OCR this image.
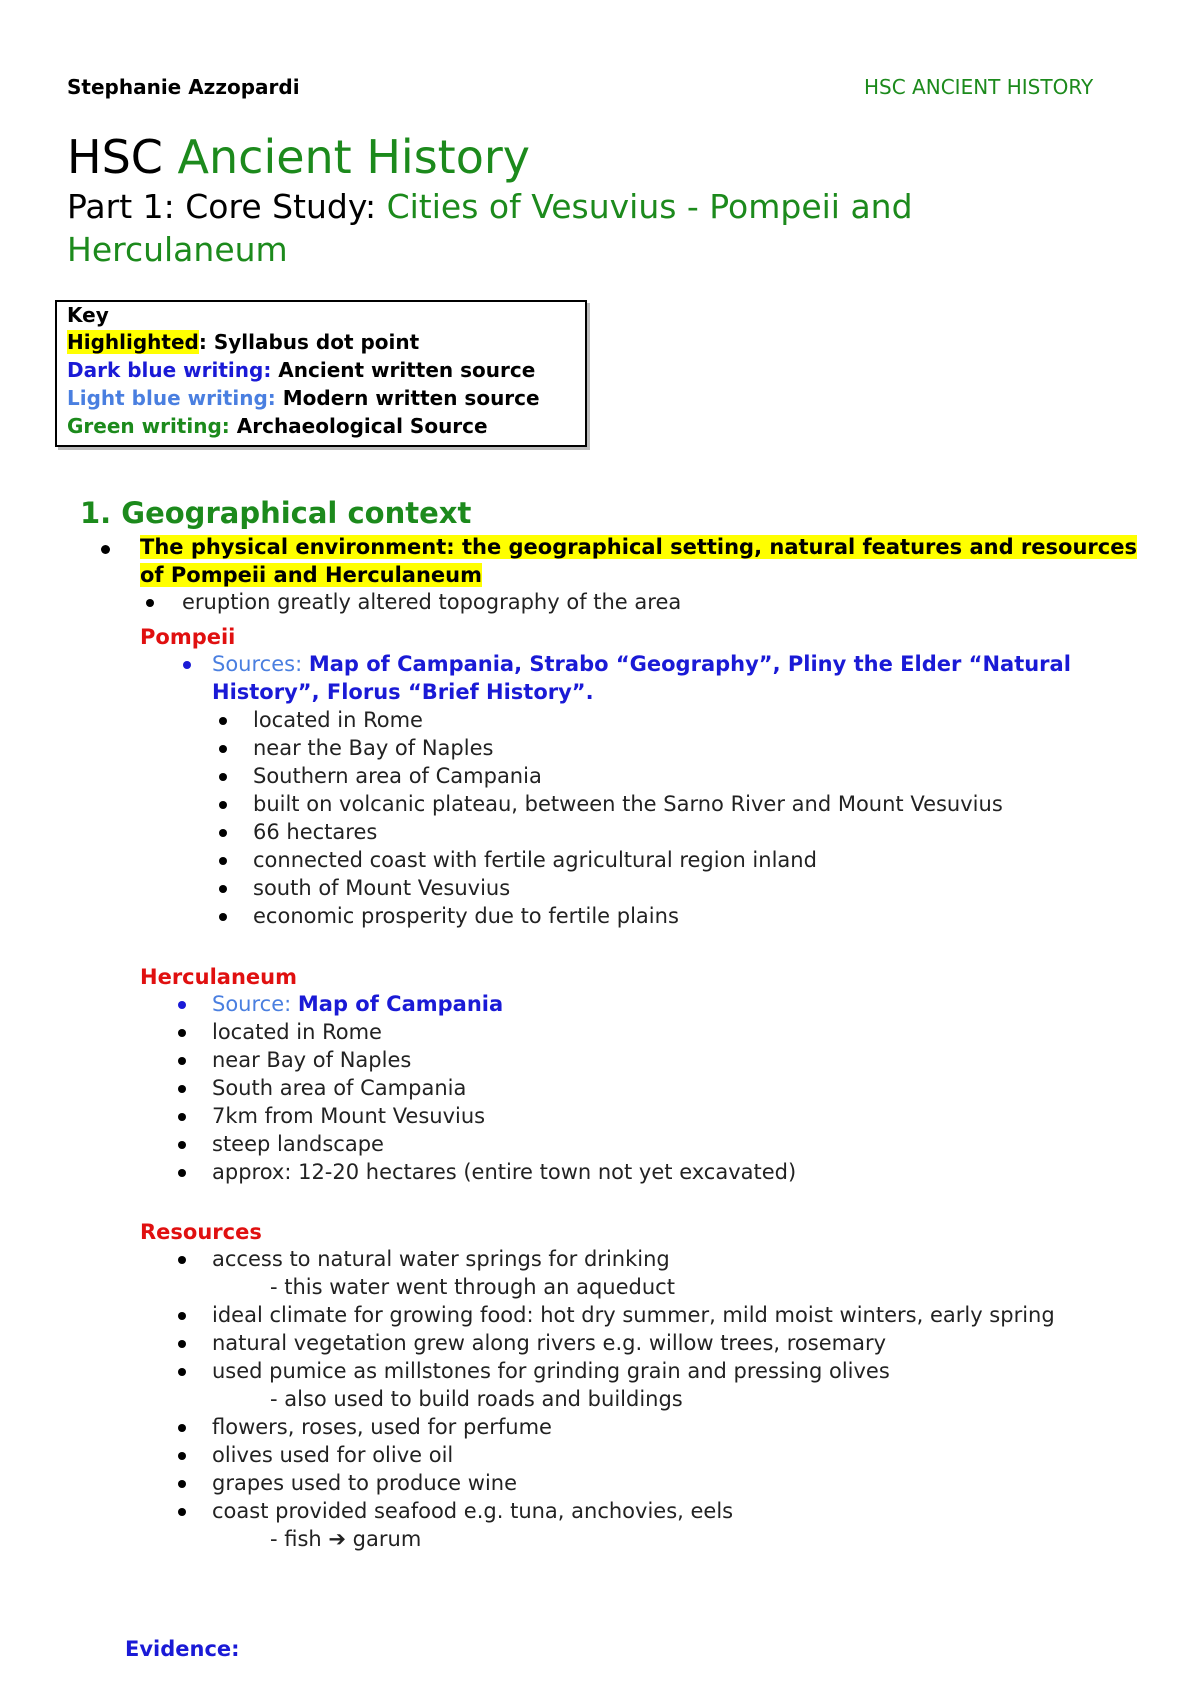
Stephanie Azzopardi	HSC ANCIENT HISTORY
HSC Ancient History
Part 1: Core Study: Cities of Vesuvius - Pompeii and
Herculaneum
Key
Highlighted: Syllabus dot point
Dark blue writing: Ancient written source
Light blue writing: Modern written source
Green writing: Archaeological Source
1. Geographical context
The physical environment: the geographical setting, natural features and resources
of Pompeii and Herculaneum
eruption greatly altered topography of the area
Pompeii
Sources: Map of Campania, Strabo “Geography”, Pliny the Elder “Natural
History”, Florus “Brief History”.
located in Rome
near the Bay of Naples
Southern area of Campania
built on volcanic plateau, between the Sarno River and Mount Vesuvius
66 hectares
connected coast with fertile agricultural region inland
south of Mount Vesuvius
economic prosperity due to fertile plains
Herculaneum
Source: Map of Campania
located in Rome
near Bay of Naples
South area of Campania
7km from Mount Vesuvius
steep landscape
approx: 12-20 hectares (entire town not yet excavated)
Resources
access to natural water springs for drinking
- this water went through an aqueduct
ideal climate for growing food: hot dry summer, mild moist winters, early spring
natural vegetation grew along rivers e.g. willow trees, rosemary
used pumice as millstones for grinding grain and pressing olives
- also used to build roads and buildings
flowers, roses, used for perfume
olives used for olive oil
grapes used to produce wine
coast provided seafood e.g. tuna, anchovies, eels
- fish ➔ garum
Evidence:
